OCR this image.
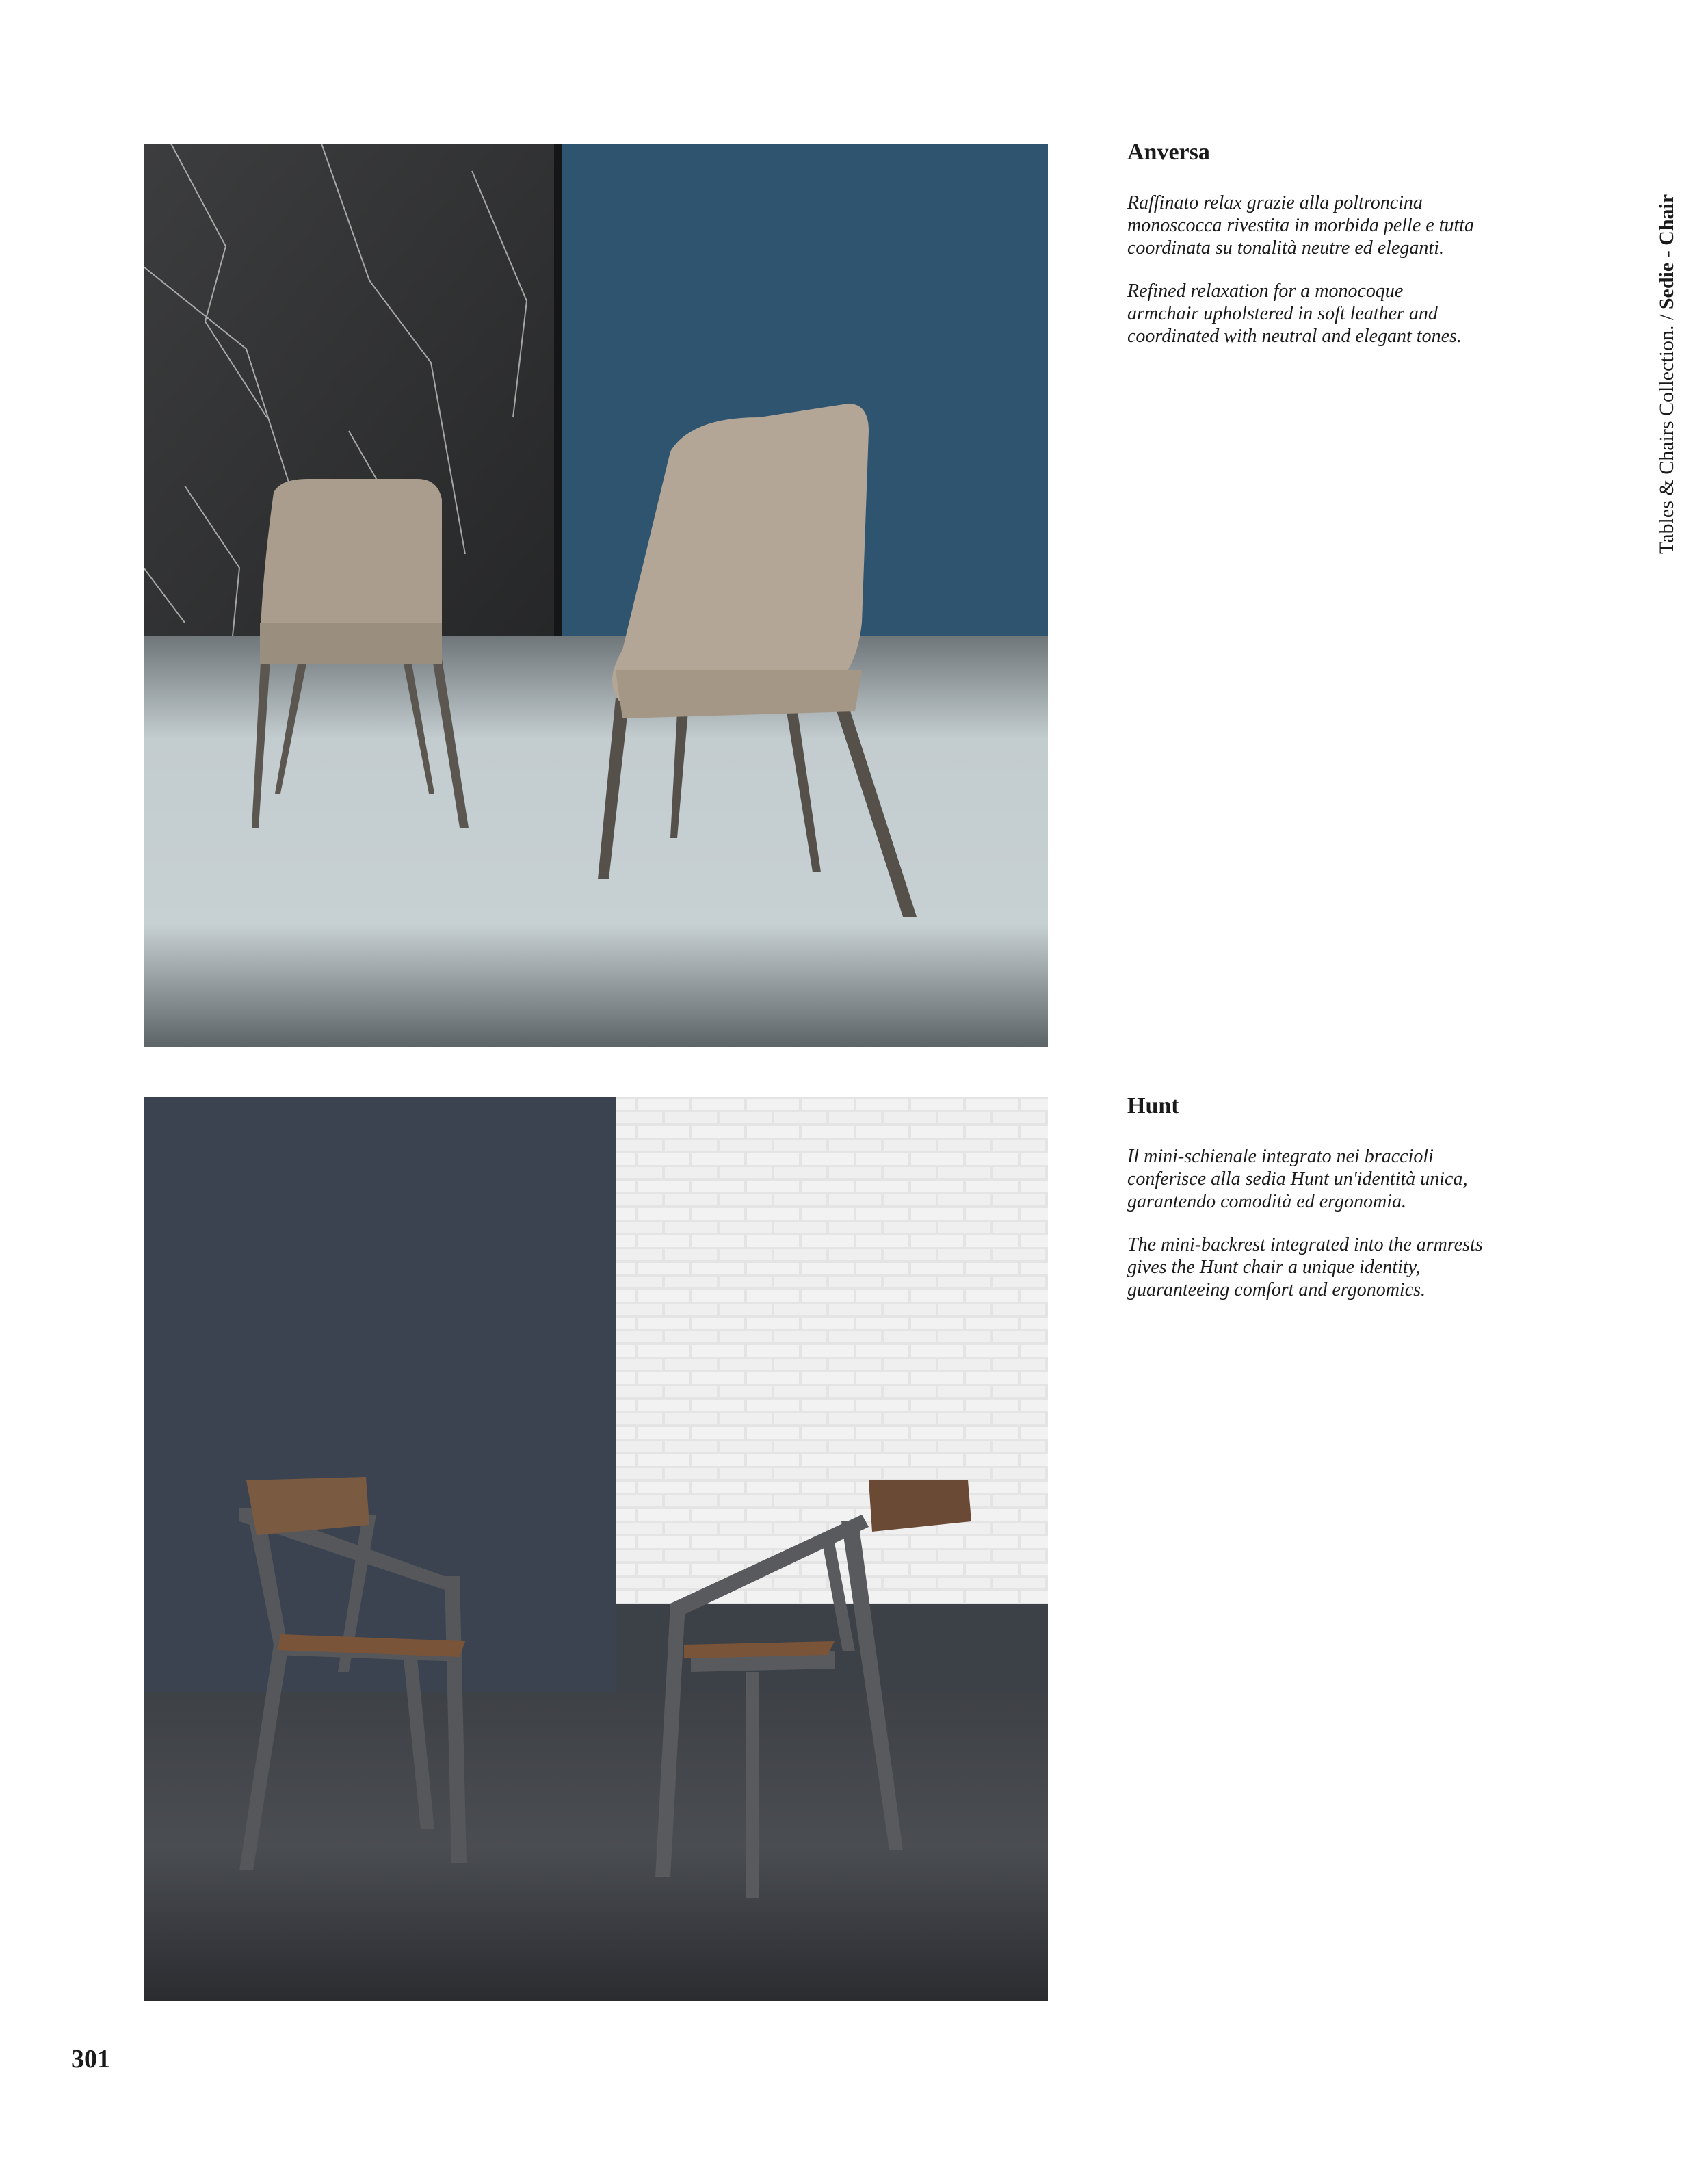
Anversa

Raffinato relax grazie alla poltroncina
monoscocca rivestita in morbida pelle e tutta
coordinata su tonalità neutre ed eleganti.

Refined relaxation for a monocoque
armchair upholstered in soft leather and
coordinated with neutral and elegant tones.

Hunt

Il mini-schienale integrato nei braccioli
conferisce alla sedia Hunt un'identità unica,
garantendo comodità ed ergonomia.

The mini-backrest integrated into the armrests
gives the Hunt chair a unique identity,
guaranteeing comfort and ergonomics.

Tables & Chairs Collection. / Sedie - Chair
301
